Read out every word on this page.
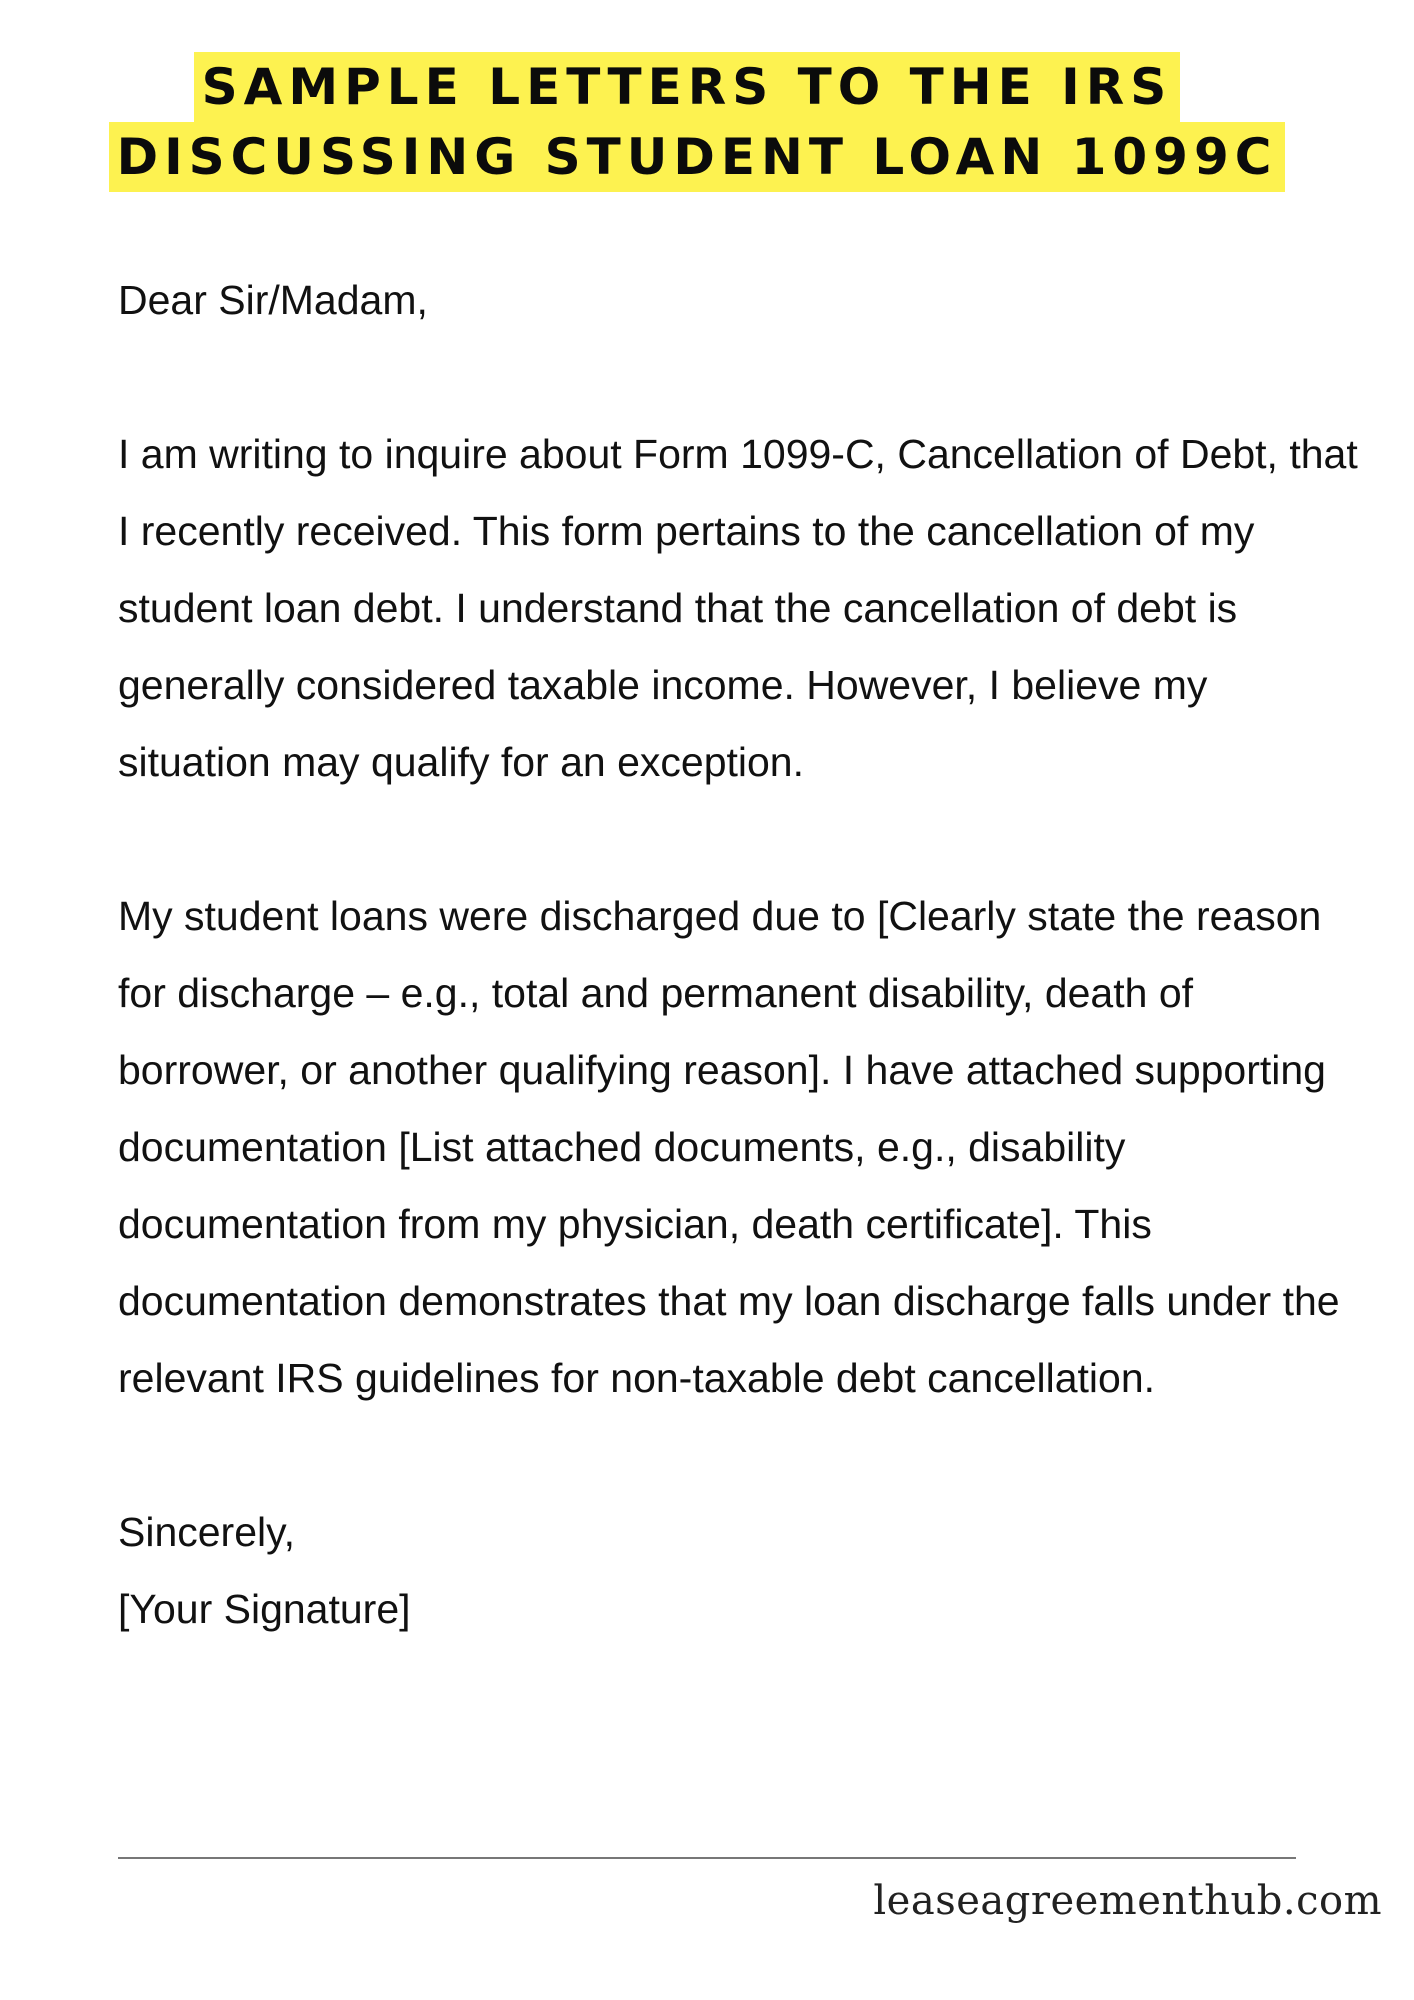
SAMPLE LETTERS TO THE IRS
DISCUSSING STUDENT LOAN 1099C

Dear Sir/Madam,

I am writing to inquire about Form 1099-C, Cancellation of Debt, that I recently received. This form pertains to the cancellation of my student loan debt. I understand that the cancellation of debt is generally considered taxable income. However, I believe my situation may qualify for an exception.

My student loans were discharged due to [Clearly state the reason for discharge – e.g., total and permanent disability, death of borrower, or another qualifying reason]. I have attached supporting documentation [List attached documents, e.g., disability documentation from my physician, death certificate]. This documentation demonstrates that my loan discharge falls under the relevant IRS guidelines for non-taxable debt cancellation.

Sincerely,

[Your Signature]

leaseagreementhub.com
